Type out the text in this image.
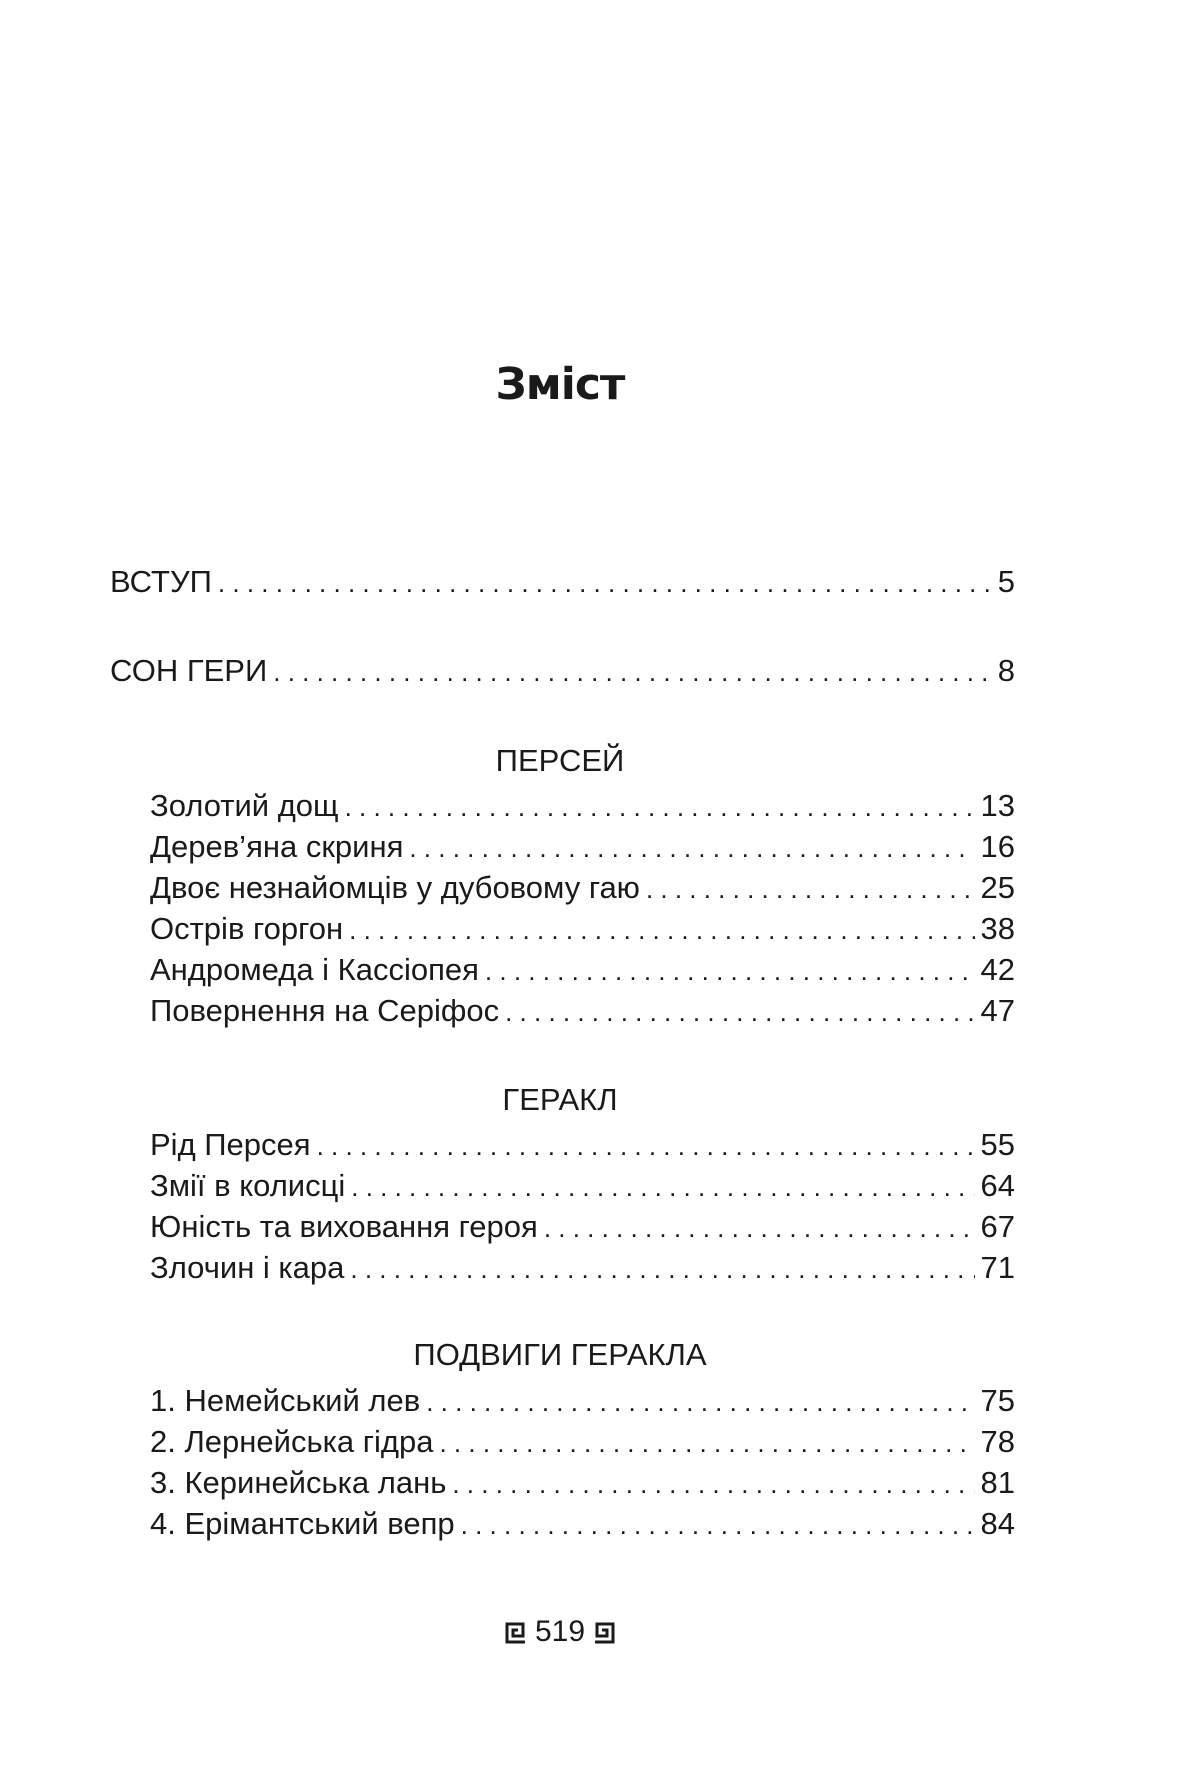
Зміст
ВСТУП . . .	5
СОН ГЕРИ . . .	8
ПЕРСЕЙ
Золотий дощ . . .	13
Дерев’яна скриня . . .	16
Двоє незнайомців у дубовому гаю . . .	25
Острів горгон . . .	38
Андромеда і Кассіопея . . .	42
Повернення на Серіфос . . .	47
ГЕРАКЛ
Рід Персея . . .	55
Змії в колисці . . .	64
Юність та виховання героя . . .	67
Злочин і кара . . .	71
ПОДВИГИ ГЕРАКЛА
1. Немейський лев . . .	75
2. Лернейська гідра . . .	78
3. Керинейська лань . . .	81
4. Ерімантський вепр . . .	84
519
